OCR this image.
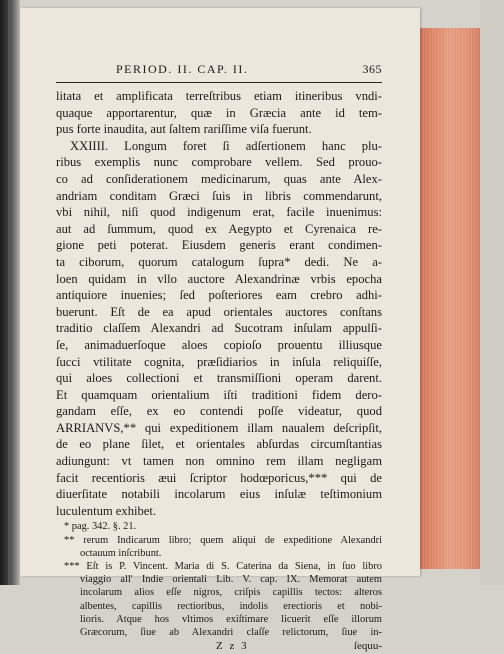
PERIOD. II. CAP. II.	365
litata et amplificata terreſtribus etiam itineribus vndi-
quaque apportarentur, quæ in Græcia ante id tem-
pus forte inaudita, aut ſaltem rariſſime viſa fuerunt.
XXIIII. Longum foret ſi adſertionem hanc plu-
ribus exemplis nunc comprobare vellem. Sed prouo-
co ad conſiderationem medicinarum, quas ante Alex-
andriam conditam Græci ſuis in libris commendarunt,
vbi nihil, niſi quod indigenum erat, facile inuenimus:
aut ad ſummum, quod ex Aegypto et Cyrenaica re-
gione peti poterat. Eiusdem generis erant condimen-
ta ciborum, quorum catalogum ſupra* dedi. Ne a-
loen quidam in vllo auctore Alexandrinæ vrbis epocha
antiquiore inuenies; ſed poſteriores eam crebro adhi-
buerunt. Eſt de ea apud orientales auctores conſtans
traditio claſſem Alexandri ad Sucotram inſulam appulſi-
ſe, animaduerſoque aloes copioſo prouentu illiusque
ſucci vtilitate cognita, præſidiarios in inſula reliquiſſe,
qui aloes collectioni et transmiſſioni operam darent.
Et quamquam orientalium iſti traditioni fidem dero-
gandam eſſe, ex eo contendi poſſe videatur, quod
ARRIANVS,** qui expeditionem illam naualem deſcripſit,
de eo plane ſilet, et orientales abſurdas circumſtantias
adiungunt: vt tamen non omnino rem illam negligam
facit recentioris æui ſcriptor hodœporicus,*** qui de
diuerſitate notabili incolarum eius inſulæ teſtimonium
luculentum exhibet.
* pag. 342. §. 21.
** rerum Indicarum libro; quem aliqui de expeditione Alexandri
octauum inſcribunt.
*** Eſt is P. Vincent. Maria di S. Caterina da Siena, in ſuo libro
viaggio all' Indie orientali Lib. V. cap. IX. Memorat autem
incolarum alios eſſe nigros, criſpis capillis tectos: alteros
albentes, capillis rectioribus, indolis erectioris et nobi-
lioris. Atque hos vltimos exiſtimare licuerit eſſe illorum
Græcorum, ſiue ab Alexandri claſſe relictorum, ſiue in-
Z z 3	ſequu-
